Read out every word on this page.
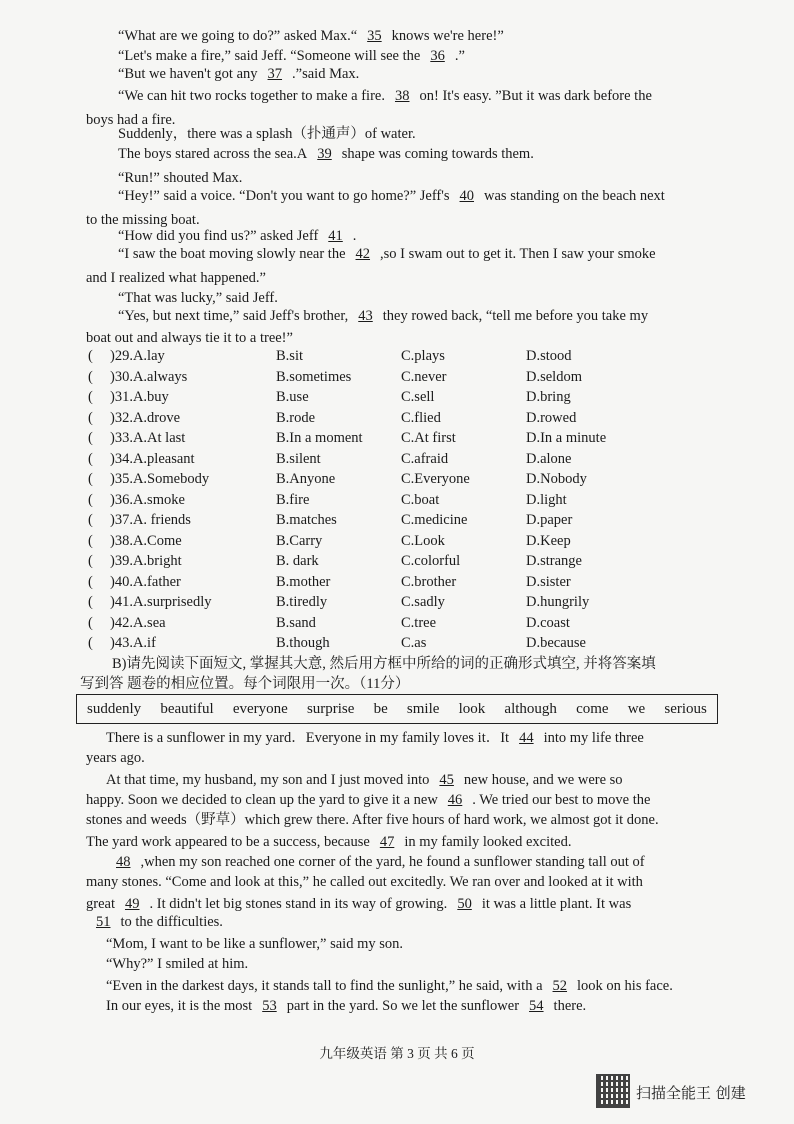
“What are we going to do?” asked Max.“ 35 knows we're here!”
“Let's make a fire,” said Jeff. “Someone will see the 36 .”
“But we haven't got any 37 .”said Max.
“We can hit two rocks together to make a fire. 38 on! It's easy. ”But it was dark before the
boys had a fire.
Suddenly，there was a splash（扑通声）of water.
The boys stared across the sea.A 39 shape was coming towards them.
“Run!” shouted Max.
“Hey!” said a voice. “Don't you want to go home?” Jeff's 40 was standing on the beach next
to the missing boat.
“How did you find us?” asked Jeff 41 .
“I saw the boat moving slowly near the 42 ,so I swam out to get it. Then I saw your smoke
and I realized what happened.”
“That was lucky,” said Jeff.
“Yes, but next time,” said Jeff's brother, 43 they rowed back, “tell me before you take my
boat out and always tie it to a tree!”
( )29.A.lay	B.sit	C.plays	D.stood
( )30.A.always	B.sometimes	C.never	D.seldom
( )31.A.buy	B.use	C.sell	D.bring
( )32.A.drove	B.rode	C.flied	D.rowed
( )33.A.At last	B.In a moment	C.At first	D.In a minute
( )34.A.pleasant	B.silent	C.afraid	D.alone
( )35.A.Somebody	B.Anyone	C.Everyone	D.Nobody
( )36.A.smoke	B.fire	C.boat	D.light
( )37.A. friends	B.matches	C.medicine	D.paper
( )38.A.Come	B.Carry	C.Look	D.Keep
( )39.A.bright	B. dark	C.colorful	D.strange
( )40.A.father	B.mother	C.brother	D.sister
( )41.A.surprisedly	B.tiredly	C.sadly	D.hungrily
( )42.A.sea	B.sand	C.tree	D.coast
( )43.A.if	B.though	C.as	D.because
B)请先阅读下面短文, 掌握其大意, 然后用方框中所给的词的正确形式填空, 并将答案填
suddenly beautiful everyone surprise be smile look although come we serious
There is a sunflower in my yard．Everyone in my family loves it．It 44 into my life three
years ago.
At that time, my husband, my son and I just moved into 45 new house, and we were so
happy. Soon we decided to clean up the yard to give it a new 46 . We tried our best to move the
stones and weeds（野草）which grew there. After five hours of hard work, we almost got it done.
The yard work appeared to be a success, because 47 in my family looked excited.
48 ,when my son reached one corner of the yard, he found a sunflower standing tall out of
many stones. “Come and look at this,” he called out excitedly. We ran over and looked at it with
great 49 . It didn't let big stones stand in its way of growing. 50 it was a little plant. It was
51 to the difficulties.
“Mom, I want to be like a sunflower,” said my son.
“Why?” I smiled at him.
“Even in the darkest days, it stands tall to find the sunlight,” he said, with a 52 look on his face.
In our eyes, it is the most 53 part in the yard. So we let the sunflower 54 there.
九年级英语 第 3 页 共 6 页
扫描全能王 创建
写到答 题卷的相应位置。每个词限用一次。（11分）
